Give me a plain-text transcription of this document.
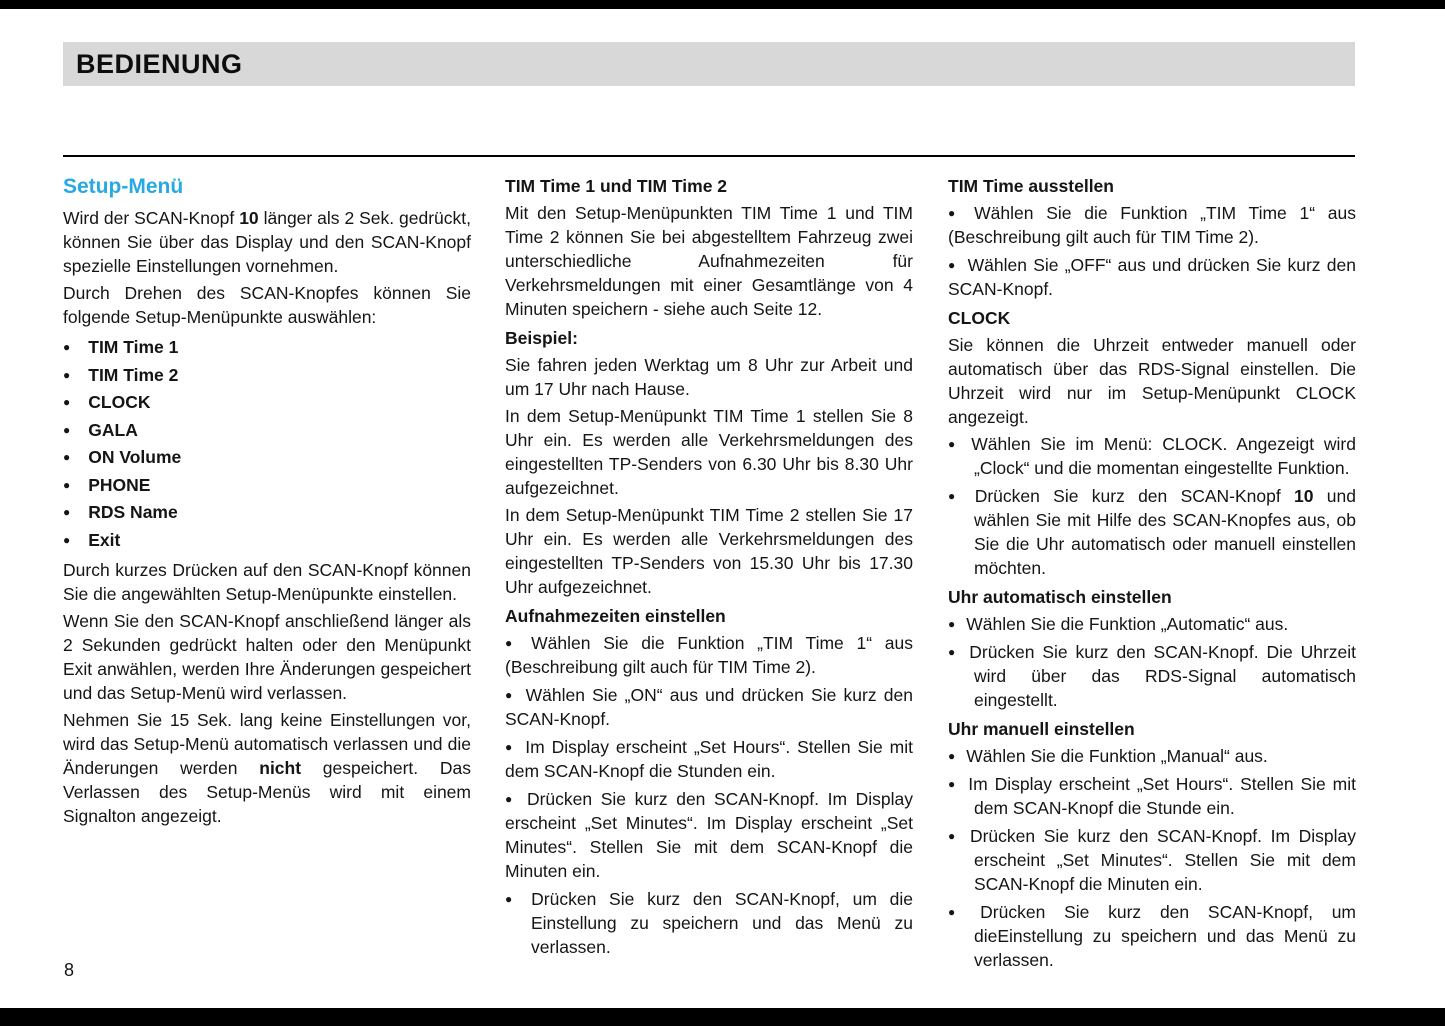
BEDIENUNG
Setup-Menü

Wird der SCAN-Knopf 10 länger als 2 Sek. gedrückt, können Sie über das Display und den SCAN-Knopf spezielle Einstellungen vornehmen.

Durch Drehen des SCAN-Knopfes können Sie folgende Setup-Menüpunkte auswählen:

● TIM Time 1
● TIM Time 2
● CLOCK
● GALA
● ON Volume
● PHONE
● RDS Name
● Exit

Durch kurzes Drücken auf den SCAN-Knopf können Sie die angewählten Setup-Menüpunkte einstellen.

Wenn Sie den SCAN-Knopf anschließend länger als 2 Sekunden gedrückt halten oder den Menüpunkt Exit anwählen, werden Ihre Änderungen gespeichert und das Setup-Menü wird verlassen.

Nehmen Sie 15 Sek. lang keine Einstellungen vor, wird das Setup-Menü automatisch verlassen und die Änderungen werden nicht gespeichert. Das Verlassen des Setup-Menüs wird mit einem Signalton angezeigt.

TIM Time 1 und TIM Time 2

Mit den Setup-Menüpunkten TIM Time 1 und TIM Time 2 können Sie bei abgestelltem Fahrzeug zwei unterschiedliche Aufnahmezeiten für Verkehrsmeldungen mit einer Gesamtlänge von 4 Minuten speichern - siehe auch Seite 12.

Beispiel:

Sie fahren jeden Werktag um 8 Uhr zur Arbeit und um 17 Uhr nach Hause.

In dem Setup-Menüpunkt TIM Time 1 stellen Sie 8 Uhr ein. Es werden alle Verkehrsmeldungen des eingestellten TP-Senders von 6.30 Uhr bis 8.30 Uhr aufgezeichnet.

In dem Setup-Menüpunkt TIM Time 2 stellen Sie 17 Uhr ein. Es werden alle Verkehrsmeldungen des eingestellten TP-Senders von 15.30 Uhr bis 17.30 Uhr aufgezeichnet.

Aufnahmezeiten einstellen
● Wählen Sie die Funktion „TIM Time 1“ aus (Beschreibung gilt auch für TIM Time 2).
● Wählen Sie „ON“ aus und drücken Sie kurz den SCAN-Knopf.
● Im Display erscheint „Set Hours“. Stellen Sie mit dem SCAN-Knopf die Stunden ein.
● Drücken Sie kurz den SCAN-Knopf. Im Display erscheint „Set Minutes“. Im Display erscheint „Set Minutes“. Stellen Sie mit dem SCAN-Knopf die Minuten ein.
● Drücken Sie kurz den SCAN-Knopf, um die Einstellung zu speichern und das Menü zu verlassen.
TIM Time ausstellen
● Wählen Sie die Funktion „TIM Time 1“ aus (Beschreibung gilt auch für TIM Time 2).
● Wählen Sie „OFF“ aus und drücken Sie kurz den SCAN-Knopf.
CLOCK

Sie können die Uhrzeit entweder manuell oder automatisch über das RDS-Signal einstellen. Die Uhrzeit wird nur im Setup-Menüpunkt CLOCK angezeigt.

● Wählen Sie im Menü: CLOCK. Angezeigt wird „Clock“ und die momentan eingestellte Funktion.
● Drücken Sie kurz den SCAN-Knopf 10 und wählen Sie mit Hilfe des SCAN-Knopfes aus, ob Sie die Uhr automatisch oder manuell einstellen möchten.
Uhr automatisch einstellen
● Wählen Sie die Funktion „Automatic“ aus.
● Drücken Sie kurz den SCAN-Knopf. Die Uhrzeit wird über das RDS-Signal automatisch eingestellt.
Uhr manuell einstellen
● Wählen Sie die Funktion „Manual“ aus.
● Im Display erscheint „Set Hours“. Stellen Sie mit dem SCAN-Knopf die Stunde ein.
● Drücken Sie kurz den SCAN-Knopf. Im Display erscheint „Set Minutes“. Stellen Sie mit dem SCAN-Knopf die Minuten ein.
● Drücken Sie kurz den SCAN-Knopf, um dieEinstellung zu speichern und das Menü zu verlassen.
8
